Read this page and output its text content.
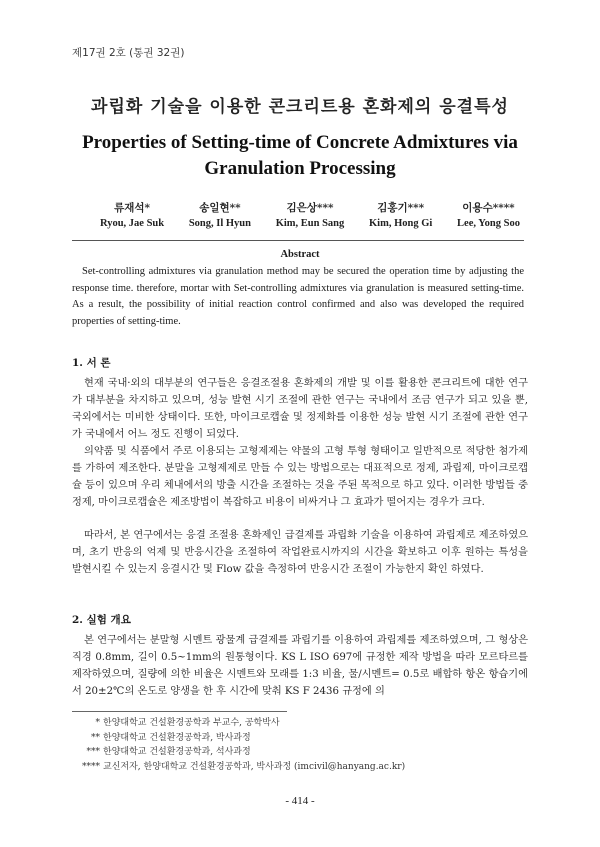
제17권 2호 (통권 32권)
과립화 기술을 이용한 콘크리트용 혼화제의 응결특성
Properties of Setting-time of Concrete Admixtures via Granulation Processing
류재석*
Ryou, Jae Suk
송일현**
Song, Il Hyun
김은상***
Kim, Eun Sang
김홍기***
Kim, Hong Gi
이용수****
Lee, Yong Soo
Abstract
Set-controlling admixtures via granulation method may be secured the operation time by adjusting the response time. therefore, mortar with Set-controlling admixtures via granulation is measured setting-time. As a result, the possibility of initial reaction control confirmed and also was developed the required properties of setting-time.
1. 서 론
현재 국내·외의 대부분의 연구들은 응결조절용 혼화제의 개발 및 이를 활용한 콘크리트에 대한 연구가 대부분을 차지하고 있으며, 성능 발현 시기 조절에 관한 연구는 국내에서 조금 연구가 되고 있을 뿐, 국외에서는 미비한 상태이다. 또한, 마이크로캡슐 및 정제화를 이용한 성능 발현 시기 조절에 관한 연구가 국내에서 어느 정도 진행이 되었다.
의약품 및 식품에서 주로 이용되는 고형제제는 약물의 고형 투형 형태이고 일반적으로 적당한 첨가제를 가하여 제조한다. 분말을 고형제제로 만들 수 있는 방법으로는 대표적으로 정제, 과립제, 마이크로캡슐 등이 있으며 우리 체내에서의 방출 시간을 조절하는 것을 주된 목적으로 하고 있다. 이러한 방법들 중 정제, 마이크로캡슐은 제조방법이 복잡하고 비용이 비싸거나 그 효과가 떨어지는 경우가 크다.
따라서, 본 연구에서는 응결 조절용 혼화제인 급결제를 과립화 기술을 이용하여 과립제로 제조하였으며, 초기 반응의 억제 및 반응시간을 조절하여 작업완료시까지의 시간을 확보하고 이후 원하는 특성을 발현시킬 수 있는지 응결시간 및 Flow 값을 측정하여 반응시간 조절이 가능한지 확인 하였다.
2. 실험 개요
본 연구에서는 분말형 시멘트 광물계 급결제를 과립기를 이용하여 과립제를 제조하였으며, 그 형상은 직경 0.8mm, 길이 0.5~1mm의 원통형이다. KS L ISO 697에 규정한 제작 방법을 따라 모르타르를 제작하였으며, 질량에 의한 비율은 시멘트와 모래를 1:3 비율, 물/시멘트= 0.5로 배합하 항온 항습기에서 20±2℃의 온도로 양생을 한 후 시간에 맞춰 KS F 2436 규정에 의
* 한양대학교 건설환경공학과 부교수, 공학박사
** 한양대학교 건설환경공학과, 박사과정
*** 한양대학교 건설환경공학과, 석사과정
**** 교신저자, 한양대학교 건설환경공학과, 박사과정 (imcivil@hanyang.ac.kr)
- 414 -
